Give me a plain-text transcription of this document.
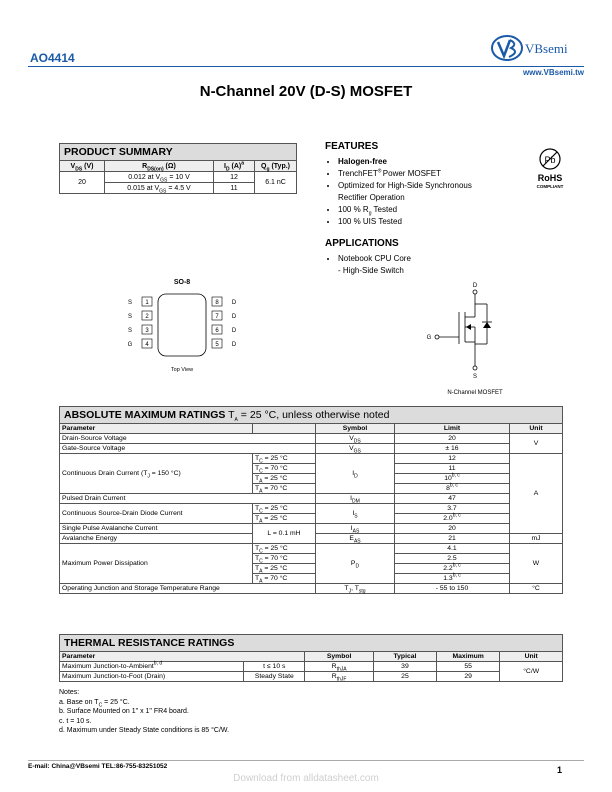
AO4414
www.VBsemi.tw
VBsemi
N-Channel 20V (D-S) MOSFET
PRODUCT SUMMARY
$V_{DS}$ (V)	$R_{DS(on)}$ (Ω)	$I_D$ $(A)^a$	$Q_g$ (Typ.)
20	0.012 at $V_{GS} = 10$ V	12	6.1 nC
	0.015 at $V_{GS} = 4.5$ V	11	
FEATURES
• Halogen-free
• TrenchFET® Power MOSFET
• Optimized for High-Side Synchronous
Rectifier Operation
• 100 % $R_g$ Tested
• 100 % UIS Tested
APPLICATIONS
• Notebook CPU Core
- High-Side Switch
Pb
RoHS
COMPLIANT
SO-8
1
S
2
S
3
S
4
G
8 D
7 D
6 D
5 D
Top View
D
G
S
N-Channel MOSFET
ABSOLUTE MAXIMUM RATINGS $T_A = 25$ °C, unless otherwise noted
Parameter		Symbol	Limit	Unit
Drain-Source Voltage		$V_{DS}$	20	V
Gate-Source Voltage		$V_{GS}$	± 16	
Continuous Drain Current ($T_J = 150$ °C)	$T_C = 25$ °C	$I_D$	12	A
	$T_C = 70$ °C		11	
	$T_A = 25$ °C		10$^{b, c}$
	$T_A = 70$ °C		8$^{b, c}$
Pulsed Drain Current		$I_{DM}$	47	
Continuous Source-Drain Diode Current	$T_C = 25$ °C	$I_S$	3.7	
	$T_A = 25$ °C		2.0$^{b, c}$
Single Pulse Avalanche Current	L = 0.1 mH	$I_{AS}$	20	
Avalanche Energy		$E_{AS}$	21	mJ
Maximum Power Dissipation	$T_C = 25$ °C	$P_D$	4.1	W
	$T_C = 70$ °C		2.5	
	$T_A = 25$ °C		2.2$^{b, c}$
	$T_A = 70$ °C		1.3$^{b, c}$
Operating Junction and Storage Temperature Range		$T_J$, $T_{stg}$	- 55 to 150	°C
THERMAL RESISTANCE RATINGS
Parameter		Symbol	Typical	Maximum	Unit
Maximum Junction-to-Ambient$^{b, d}$	t ≤ 10 s	$R_{thJA}$	39	55	°C/W
Maximum Junction-to-Foot (Drain)	Steady State	$R_{thJF}$	25	29	
Notes:
a. Base on $T_C = 25$ °C.
b. Surface Mounted on 1" x 1" FR4 board.
c. t = 10 s.
d. Maximum under Steady State conditions is 85 °C/W.
E-mail: China@VBsemi TEL:86-755-83251052	1
Download from alldatasheet.com
